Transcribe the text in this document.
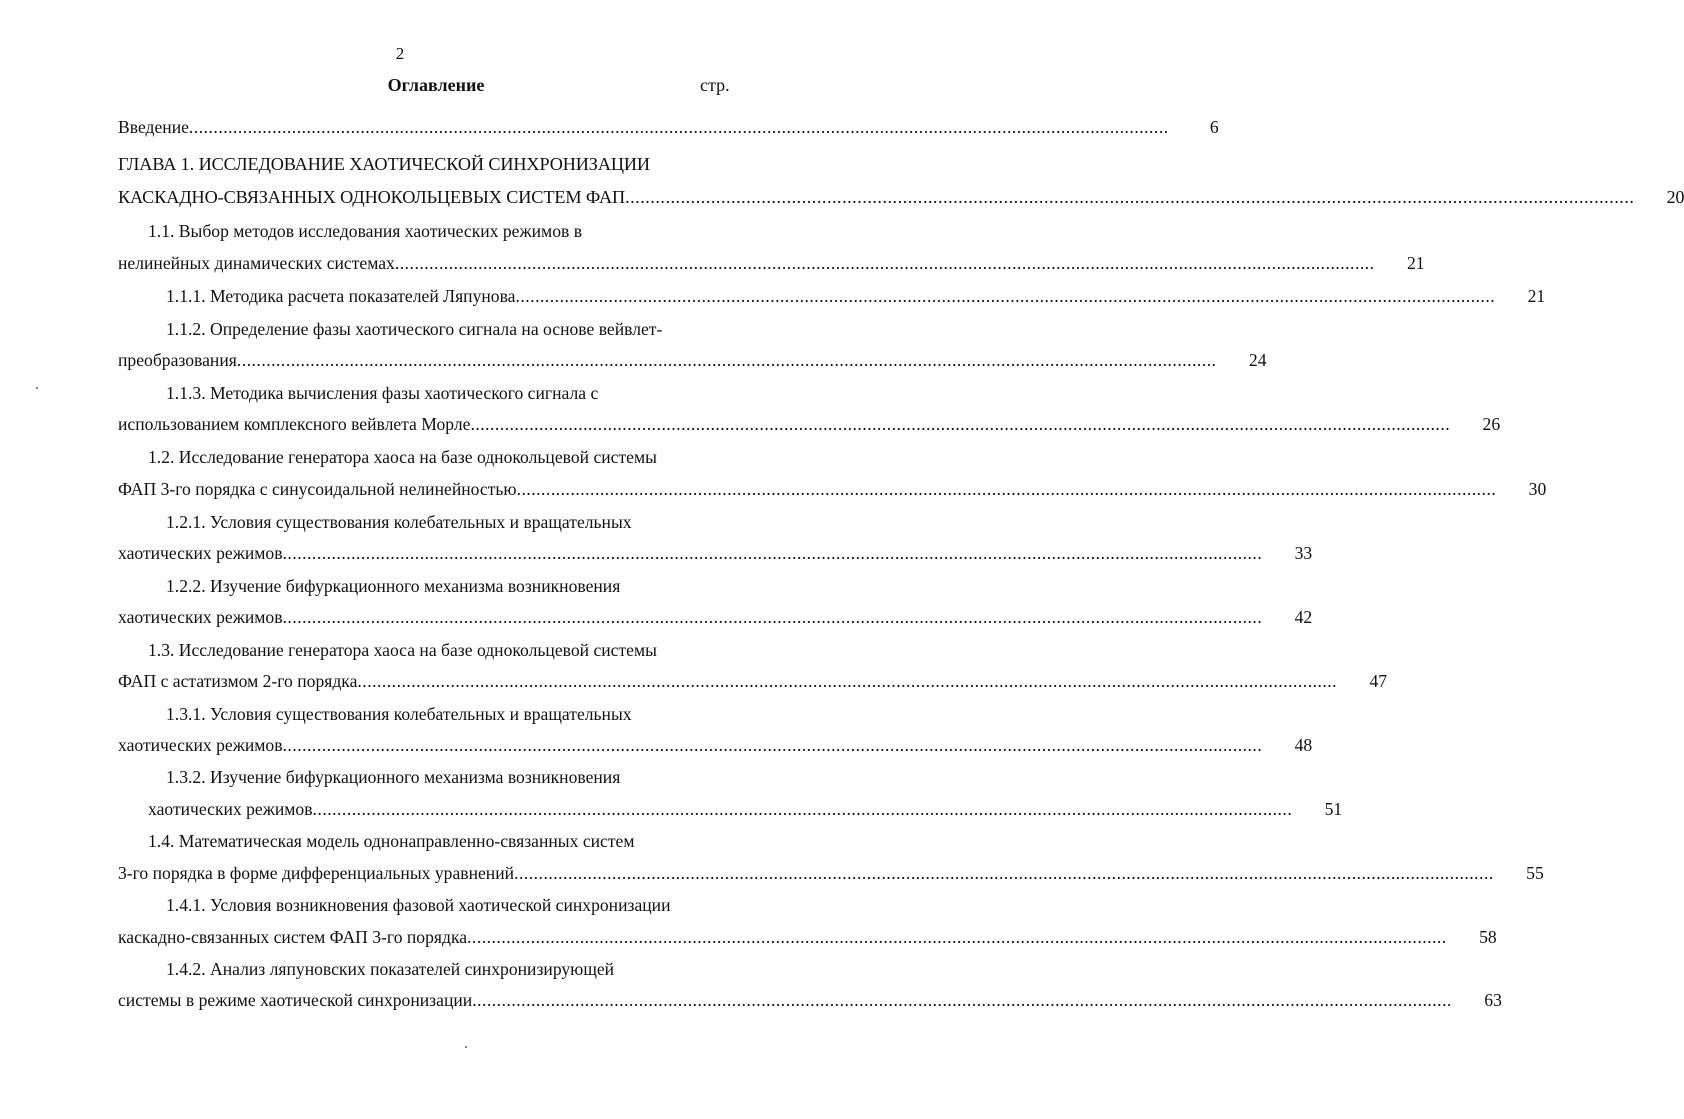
2
Оглавление	стр.
Введение ........................................................................................................................................................................................................	6
ГЛАВА 1. ИССЛЕДОВАНИЕ ХАОТИЧЕСКОЙ СИНХРОНИЗАЦИИ
КАСКАДНО-СВЯЗАННЫХ ОДНОКОЛЬЦЕВЫХ СИСТЕМ ФАП ........................................................................................................................................................................................................ 20
1.1. Выбор методов исследования хаотических режимов в
нелинейных динамических системах ........................................................................................................................................................................................................ 21
1.1.1. Методика расчета показателей Ляпунова ........................................................................................................................................................................................................ 21
1.1.2. Определение фазы хаотического сигнала на основе вейвлет-
преобразования ........................................................................................................................................................................................................ 24
1.1.3. Методика вычисления фазы хаотического сигнала с
использованием комплексного вейвлета Морле ........................................................................................................................................................................................................ 26
1.2. Исследование генератора хаоса на базе однокольцевой системы
ФАП 3-го порядка с синусоидальной нелинейностью ........................................................................................................................................................................................................ 30
1.2.1. Условия существования колебательных и вращательных
хаотических режимов ........................................................................................................................................................................................................ 33
1.2.2. Изучение бифуркационного механизма возникновения
хаотических режимов ........................................................................................................................................................................................................ 42
1.3. Исследование генератора хаоса на базе однокольцевой системы
ФАП с астатизмом 2-го порядка ........................................................................................................................................................................................................ 47
1.3.1. Условия существования колебательных и вращательных
хаотических режимов ........................................................................................................................................................................................................ 48
1.3.2. Изучение бифуркационного механизма возникновения
хаотических режимов ........................................................................................................................................................................................................ 51
1.4. Математическая модель однонаправленно-связанных систем
3-го порядка в форме дифференциальных уравнений ........................................................................................................................................................................................................ 55
1.4.1. Условия возникновения фазовой хаотической синхронизации
каскадно-связанных систем ФАП 3-го порядка ........................................................................................................................................................................................................ 58
1.4.2. Анализ ляпуновских показателей синхронизирующей
системы в режиме хаотической синхронизации ........................................................................................................................................................................................................ 63
